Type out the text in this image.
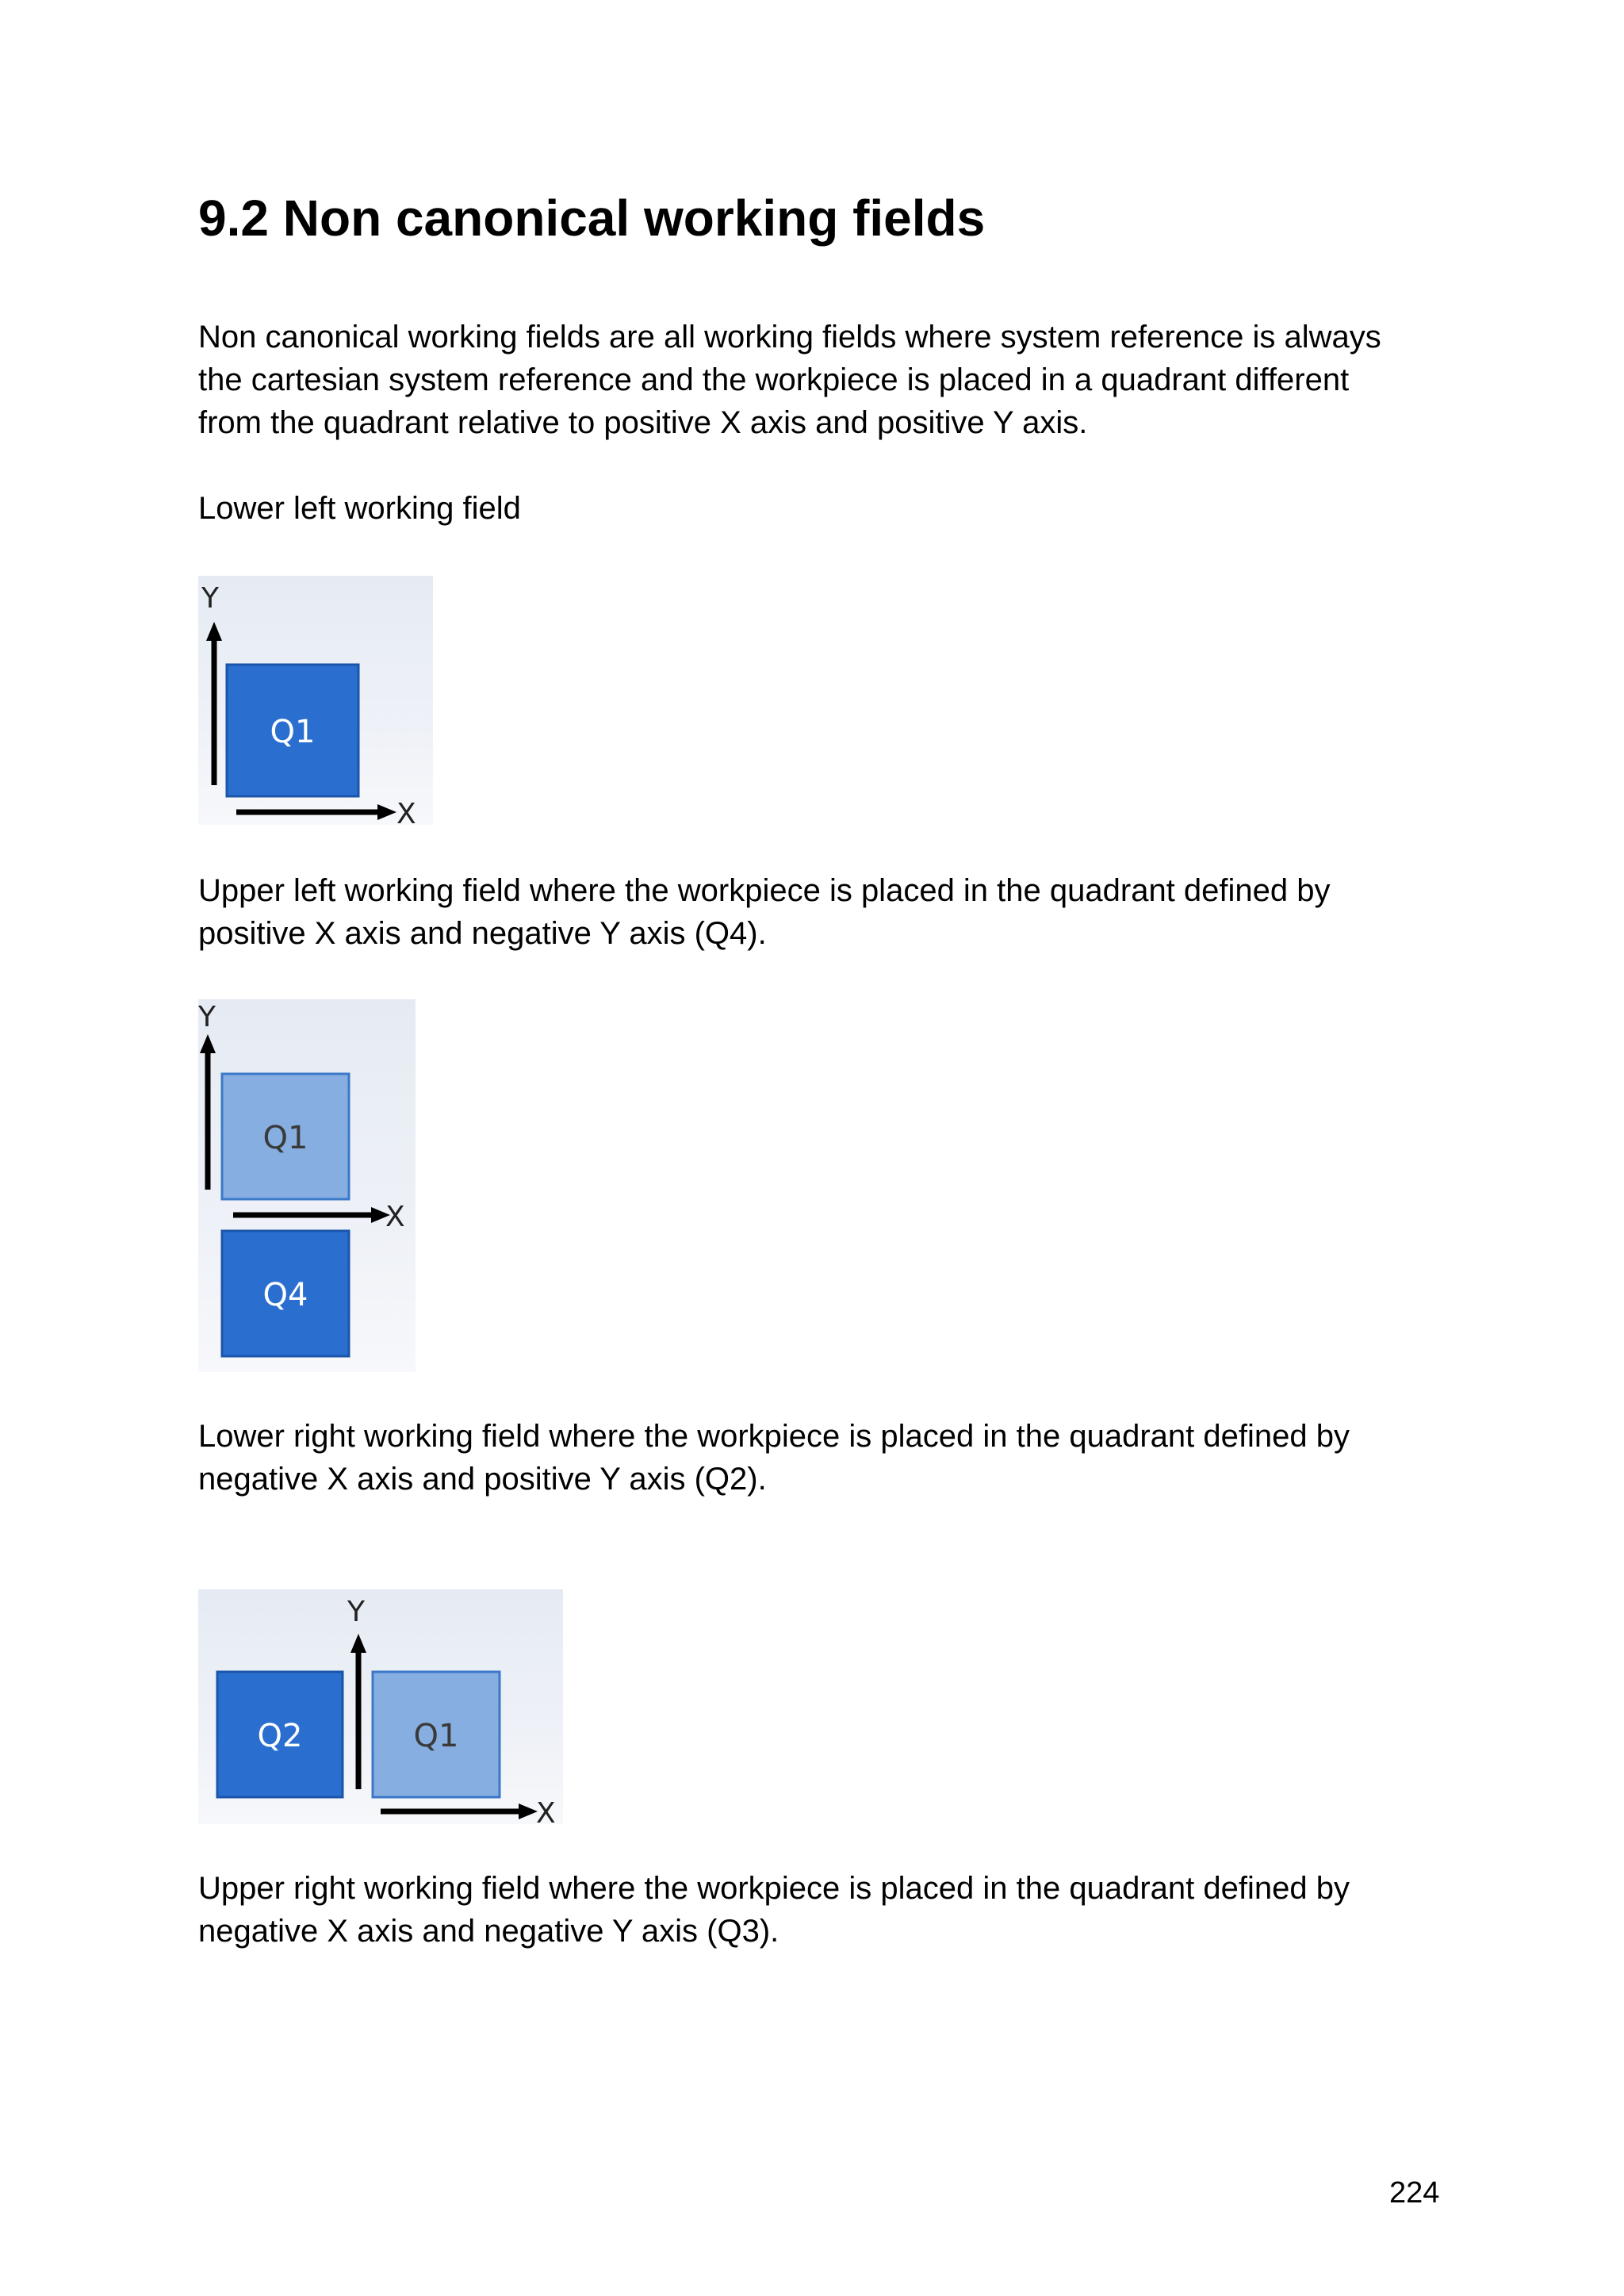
9.2 Non canonical working fields

Non canonical working fields are all working fields where system reference is always

the cartesian system reference and the workpiece is placed in a quadrant different

from the quadrant relative to positive X axis and positive Y axis.

Lower left working field

Y
Q1
X

Upper left working field where the workpiece is placed in the quadrant defined by

positive X axis and negative Y axis (Q4).

Y
Q1
X
Q4

Lower right working field where the workpiece is placed in the quadrant defined by

negative X axis and positive Y axis (Q2).

Y
Q2	Q1
X

Upper right working field where the workpiece is placed in the quadrant defined by

negative X axis and negative Y axis (Q3).

224
